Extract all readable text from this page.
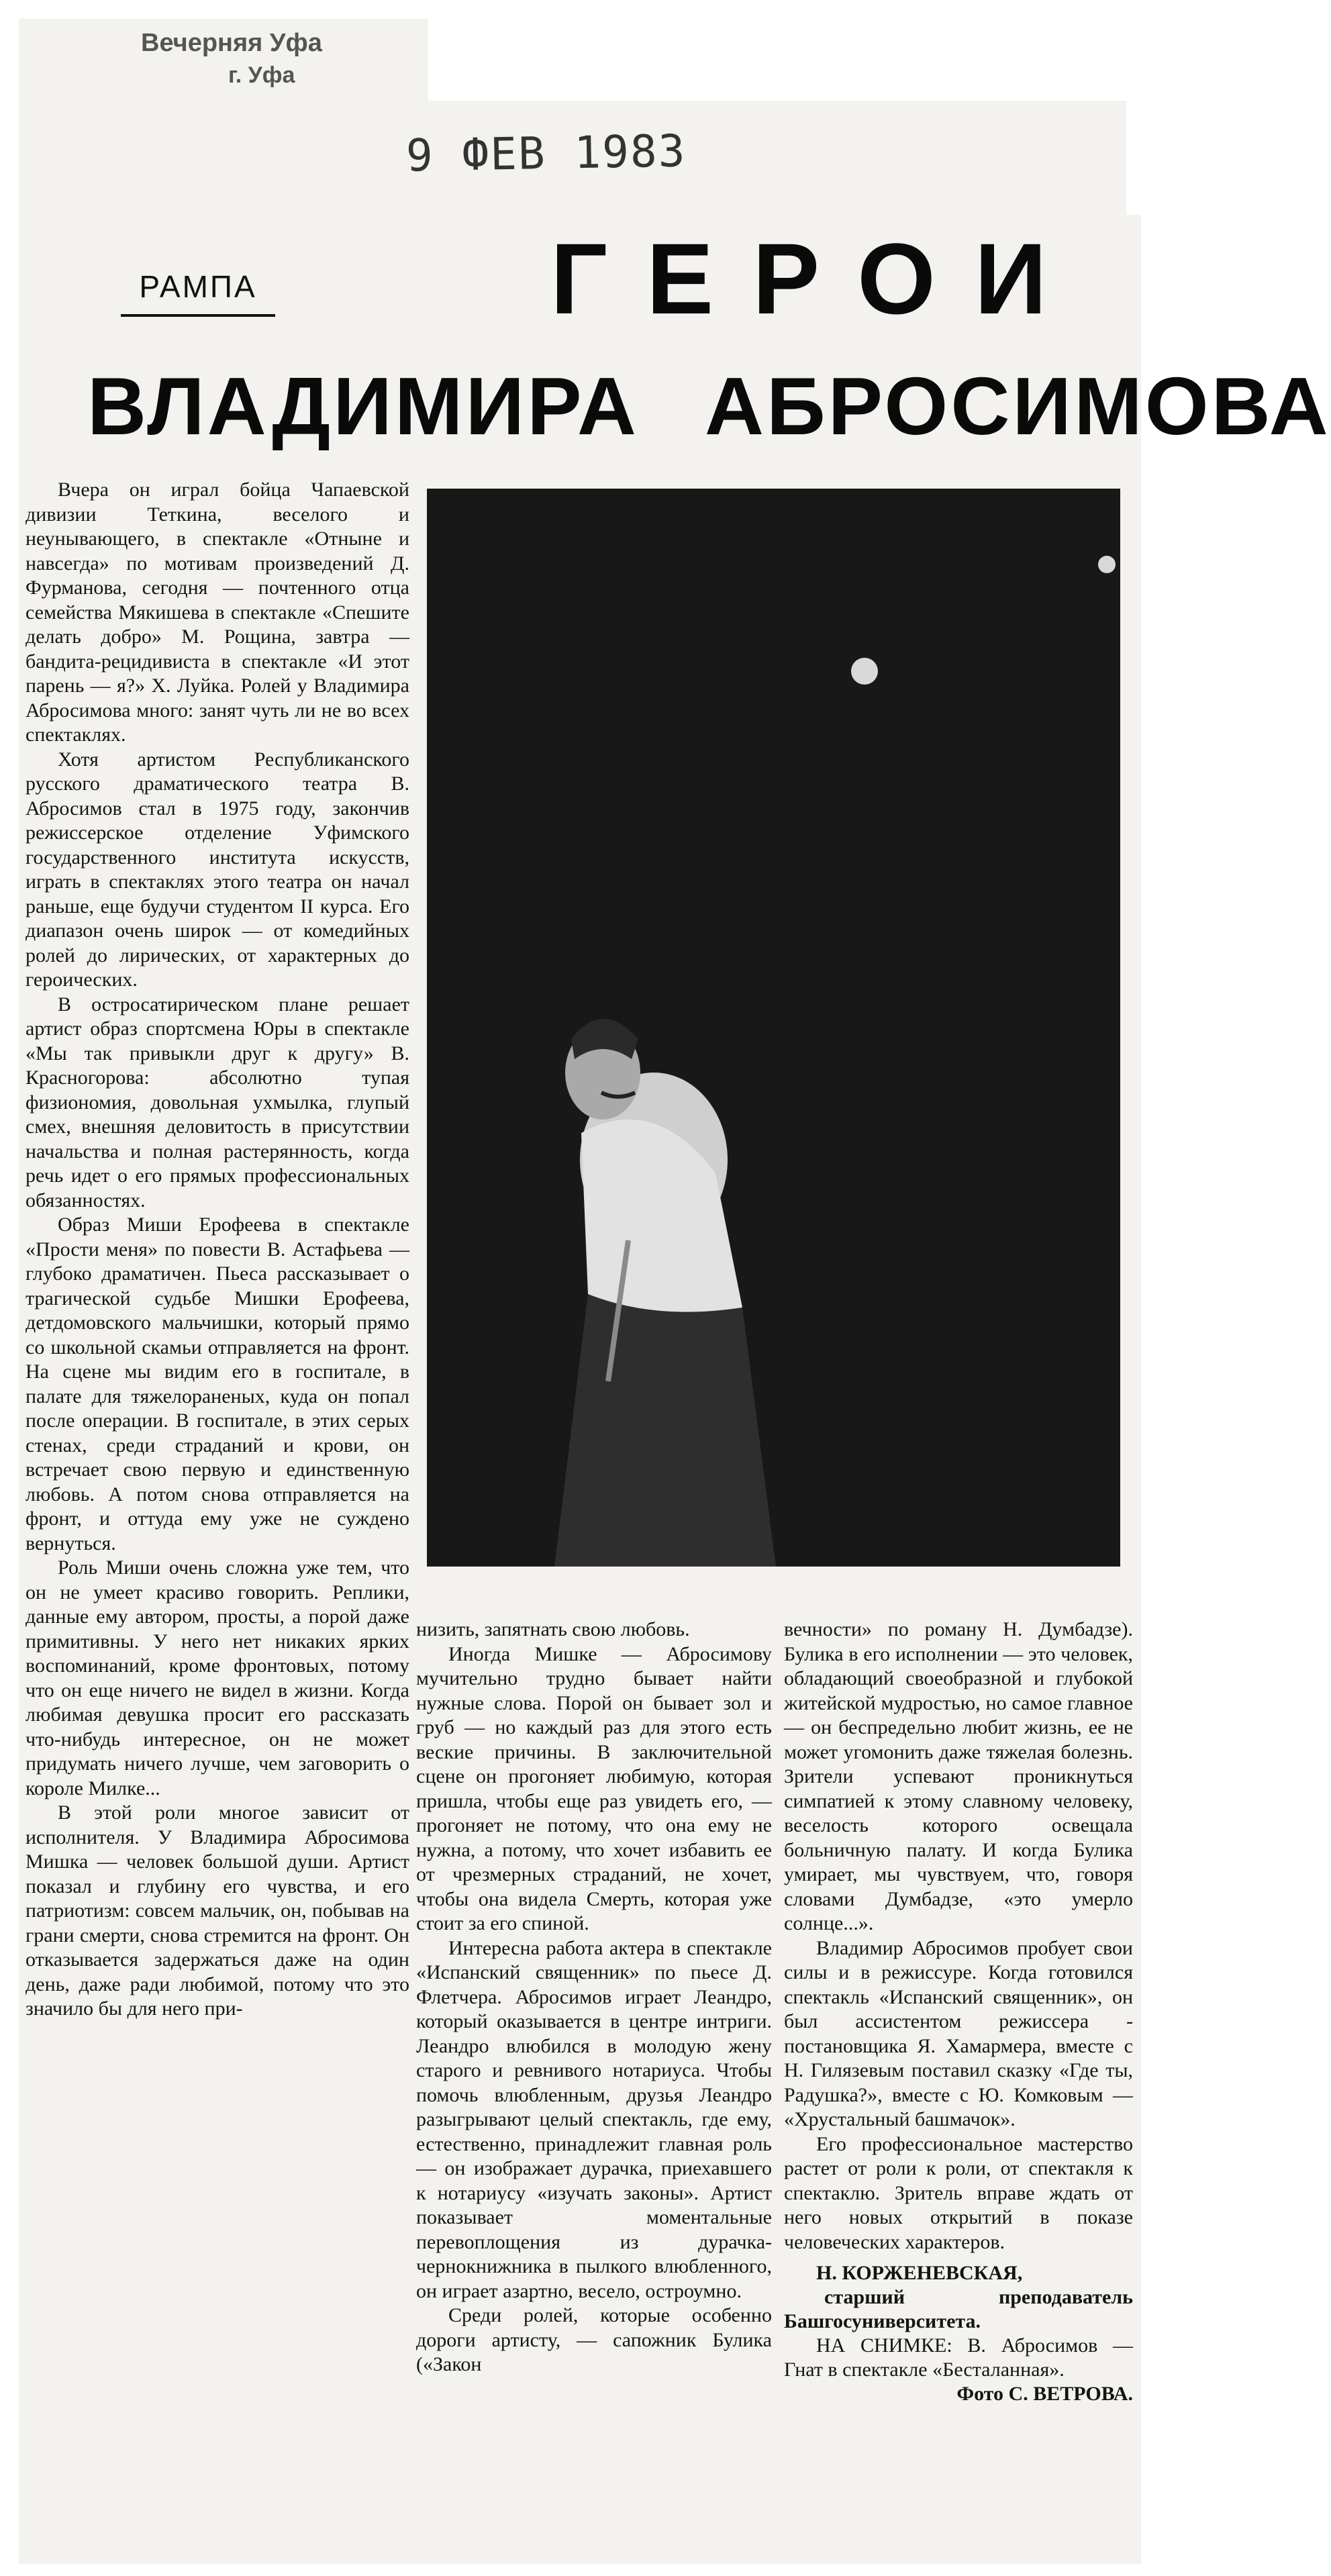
Вечерняя Уфа
г. Уфа
9 ФЕВ 1983
РАМПА	ГЕРОИ
ВЛАДИМИРА АБРОСИМОВА

Вчера он играл бойца Чапаевской дивизии Теткина, веселого и неунывающего, в спектакле «Отныне и навсегда» по мотивам произведений Д. Фурманова, сегодня — почтенного отца семейства Мякишева в спектакле «Спешите делать добро» М. Рощина, завтра — бандита-рецидивиста в спектакле «И этот парень — я?» Х. Луйка. Ролей у Владимира Абросимова много: занят чуть ли не во всех спектаклях.

Хотя артистом Республиканского русского драматического театра В. Абросимов стал в 1975 году, закончив режиссерское отделение Уфимского государственного института искусств, играть в спектаклях этого театра он начал раньше, еще будучи студентом II курса. Его диапазон очень широк — от комедийных ролей до лирических, от характерных до героических.

В остросатирическом плане решает артист образ спортсмена Юры в спектакле «Мы так привыкли друг к другу» В. Красногорова: абсолютно тупая физиономия, довольная ухмылка, глупый смех, внешняя деловитость в присутствии начальства и полная растерянность, когда речь идет о его прямых профессиональных обязанностях.

Образ Миши Ерофеева в спектакле «Прости меня» по повести В. Астафьева — глубоко драматичен. Пьеса рассказывает о трагической судьбе Мишки Ерофеева, детдомовского мальчишки, который прямо со школьной скамьи отправляется на фронт. На сцене мы видим его в госпитале, в палате для тяжелораненых, куда он попал после операции. В госпитале, в этих серых стенах, среди страданий и крови, он встречает свою первую и единственную любовь. А потом снова отправляется на фронт, и оттуда ему уже не суждено вернуться.

Роль Миши очень сложна уже тем, что он не умеет красиво говорить. Реплики, данные ему автором, просты, а порой даже примитивны. У него нет никаких ярких воспоминаний, кроме фронтовых, потому что он еще ничего не видел в жизни. Когда любимая девушка просит его рассказать что-нибудь интересное, он не может придумать ничего лучше, чем заговорить о короле Милке...

В этой роли многое зависит от исполнителя. У Владимира Абросимова Мишка — человек большой души. Артист показал и глубину его чувства, и его патриотизм: совсем мальчик, он, побывав на грани смерти, снова стремится на фронт. Он отказывается задержаться даже на один день, даже ради любимой, потому что это значило бы для него при-

низить, запятнать свою любовь.

Иногда Мишке — Абросимову мучительно трудно бывает найти нужные слова. Порой он бывает зол и груб — но каждый раз для этого есть веские причины. В заключительной сцене он прогоняет любимую, которая пришла, чтобы еще раз увидеть его, — прогоняет не потому, что она ему не нужна, а потому, что хочет избавить ее от чрезмерных страданий, не хочет, чтобы она видела Смерть, которая уже стоит за его спиной.

Интересна работа актера в спектакле «Испанский священник» по пьесе Д. Флетчера. Абросимов играет Леандро, который оказывается в центре интриги. Леандро влюбился в молодую жену старого и ревнивого нотариуса. Чтобы помочь влюбленным, друзья Леандро разыгрывают целый спектакль, где ему, естественно, принадлежит главная роль — он изображает дурачка, приехавшего к нотариусу «изучать законы». Артист показывает моментальные перевоплощения из дурачка-чернокнижника в пылкого влюбленного, он играет азартно, весело, остроумно.

Среди ролей, которые особенно дороги артисту, — сапожник Булика («Закон

вечности» по роману Н. Думбадзе). Булика в его исполнении — это человек, обладающий своеобразной и глубокой житейской мудростью, но самое главное — он беспредельно любит жизнь, ее не может угомонить даже тяжелая болезнь. Зрители успевают проникнуться симпатией к этому славному человеку, веселость которого освещала больничную палату. И когда Булика умирает, мы чувствуем, что, говоря словами Думбадзе, «это умерло солнце...».

Владимир Абросимов пробует свои силы и в режиссуре. Когда готовился спектакль «Испанский священник», он был ассистентом режиссера - постановщика Я. Хамармера, вместе с Н. Гилязевым поставил сказку «Где ты, Радушка?», вместе с Ю. Комковым — «Хрустальный башмачок».

Его профессиональное мастерство растет от роли к роли, от спектакля к спектаклю. Зритель вправе ждать от него новых открытий в показе человеческих характеров.

Н. КОРЖЕНЕВСКАЯ,
старший преподаватель Башгосуниверситета.

НА СНИМКЕ: В. Абросимов — Гнат в спектакле «Бесталанная».

Фото С. ВЕТРОВА.
